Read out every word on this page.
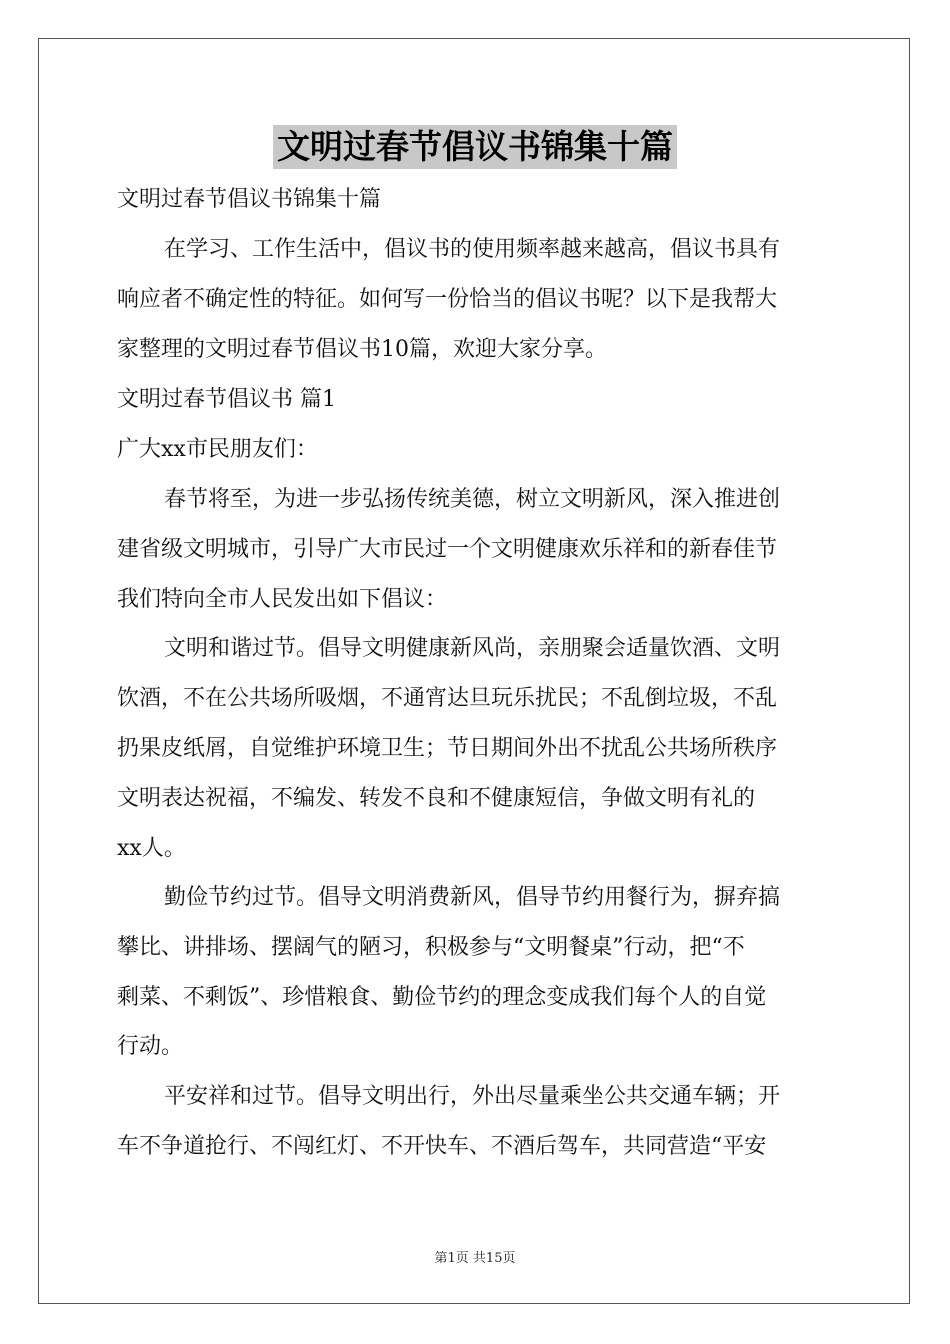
文明过春节倡议书锦集十篇
文明过春节倡议书锦集十篇
在学习、工作生活中，倡议书的使用频率越来越高，倡议书具有
响应者不确定性的特征。如何写一份恰当的倡议书呢？以下是我帮大
家整理的文明过春节倡议书10篇，欢迎大家分享。
文明过春节倡议书 篇1
广大xx市民朋友们：
春节将至，为进一步弘扬传统美德，树立文明新风，深入推进创
建省级文明城市，引导广大市民过一个文明健康欢乐祥和的新春佳节
我们特向全市人民发出如下倡议：
文明和谐过节。倡导文明健康新风尚，亲朋聚会适量饮酒、文明
饮酒，不在公共场所吸烟，不通宵达旦玩乐扰民；不乱倒垃圾，不乱
扔果皮纸屑，自觉维护环境卫生；节日期间外出不扰乱公共场所秩序
文明表达祝福，不编发、转发不良和不健康短信，争做文明有礼的
xx人。
勤俭节约过节。倡导文明消费新风，倡导节约用餐行为，摒弃搞
攀比、讲排场、摆阔气的陋习，积极参与“文明餐桌”行动，把“不
剩菜、不剩饭”、珍惜粮食、勤俭节约的理念变成我们每个人的自觉
行动。
平安祥和过节。倡导文明出行，外出尽量乘坐公共交通车辆；开
车不争道抢行、不闯红灯、不开快车、不酒后驾车，共同营造“平安
第1页 共15页
